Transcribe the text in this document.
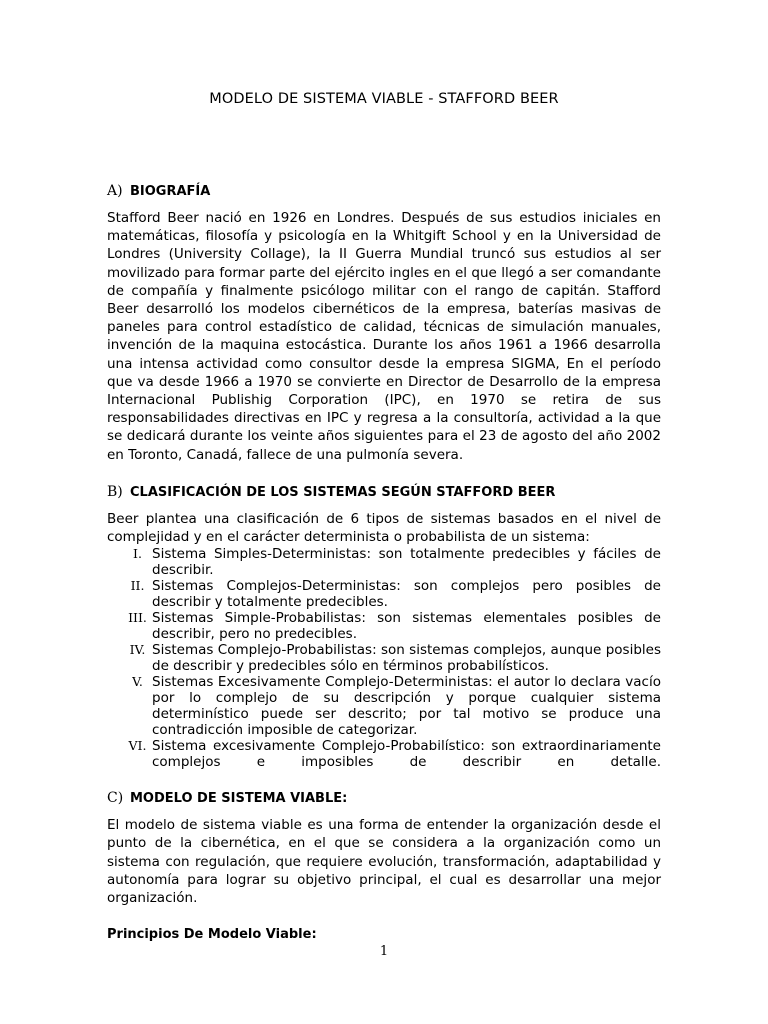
MODELO DE SISTEMA VIABLE - STAFFORD BEER
A) BIOGRAFÍA

Stafford Beer nació en 1926 en Londres. Después de sus estudios iniciales en matemáticas, filosofía y psicología en la Whitgift School y en la Universidad de Londres (University Collage), la II Guerra Mundial truncó sus estudios al ser movilizado para formar parte del ejército ingles en el que llegó a ser comandante de compañía y finalmente psicólogo militar con el rango de capitán. Stafford Beer desarrolló los modelos cibernéticos de la empresa, baterías masivas de paneles para control estadístico de calidad, técnicas de simulación manuales, invención de la maquina estocástica. Durante los años 1961 a 1966 desarrolla una intensa actividad como consultor desde la empresa SIGMA, En el período que va desde 1966 a 1970 se convierte en Director de Desarrollo de la empresa Internacional Publishig Corporation (IPC), en 1970 se retira de sus responsabilidades directivas en IPC y regresa a la consultoría, actividad a la que se dedicará durante los veinte años siguientes para el 23 de agosto del año 2002 en Toronto, Canadá, fallece de una pulmonía severa.

B) CLASIFICACIÓN DE LOS SISTEMAS SEGÚN STAFFORD BEER

Beer plantea una clasificación de 6 tipos de sistemas basados en el nivel de complejidad y en el carácter determinista o probabilista de un sistema:

I. Sistema Simples-Deterministas: son totalmente predecibles y fáciles de describir.
II. Sistemas Complejos-Deterministas: son complejos pero posibles de describir y totalmente predecibles.
III. Sistemas Simple-Probabilistas: son sistemas elementales posibles de describir, pero no predecibles.
IV. Sistemas Complejo-Probabilistas: son sistemas complejos, aunque posibles de describir y predecibles sólo en términos probabilísticos.
V. Sistemas Excesivamente Complejo-Deterministas: el autor lo declara vacío por lo complejo de su descripción y porque cualquier sistema determinístico puede ser descrito; por tal motivo se produce una contradicción imposible de categorizar.
VI. Sistema excesivamente Complejo-Probabilístico: son extraordinariamente complejos e imposibles de describir en detalle.
C) MODELO DE SISTEMA VIABLE:

El modelo de sistema viable es una forma de entender la organización desde el punto de la cibernética, en el que se considera a la organización como un sistema con regulación, que requiere evolución, transformación, adaptabilidad y autonomía para lograr su objetivo principal, el cual es desarrollar una mejor organización.

Principios De Modelo Viable:
1
